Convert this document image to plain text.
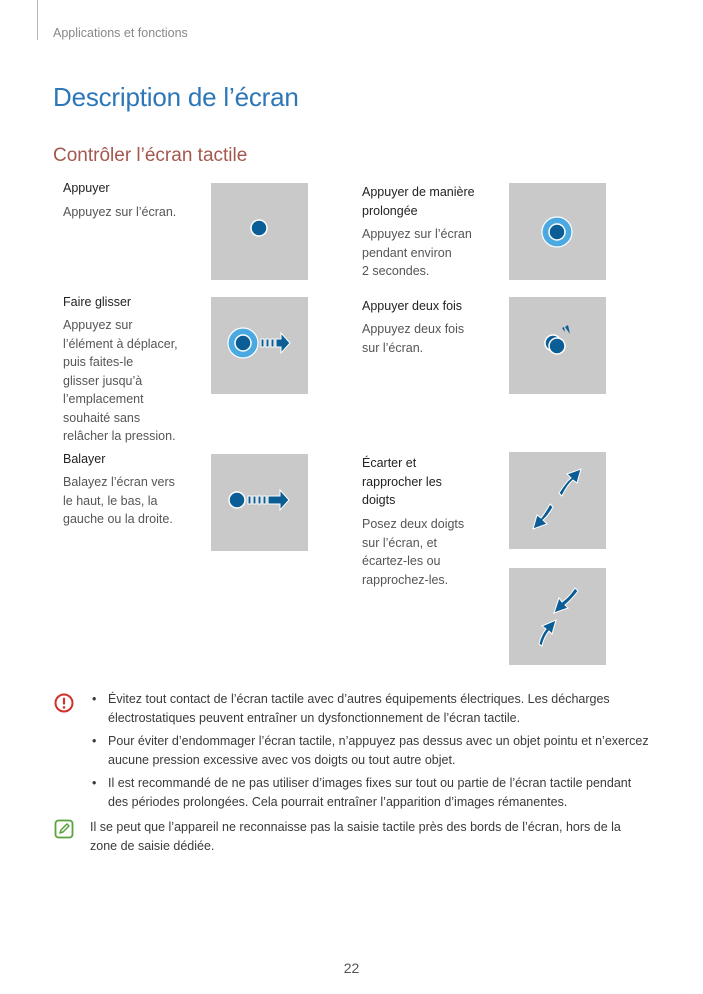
Applications et fonctions
Description de l’écran
Contrôler l’écran tactile
Appuyer
Appuyez sur l’écran.
Appuyer de manière
prolongée
Appuyez sur l’écran
pendant environ
2 secondes.
Faire glisser
Appuyez sur
l’élément à déplacer,
puis faites-le
glisser jusqu’à
l’emplacement
souhaité sans
relâcher la pression.
Appuyer deux fois
Appuyez deux fois
sur l’écran.
Balayer
Balayez l’écran vers
le haut, le bas, la
gauche ou la droite.
Écarter et
rapprocher les
doigts
Posez deux doigts
sur l’écran, et
écartez-les ou
rapprochez-les.
• Évitez tout contact de l’écran tactile avec d’autres équipements électriques. Les décharges électrostatiques peuvent entraîner un dysfonctionnement de l’écran tactile.
• Pour éviter d’endommager l’écran tactile, n’appuyez pas dessus avec un objet pointu et n’exercez aucune pression excessive avec vos doigts ou tout autre objet.
• Il est recommandé de ne pas utiliser d’images fixes sur tout ou partie de l’écran tactile pendant des périodes prolongées. Cela pourrait entraîner l’apparition d’images rémanentes.
Il se peut que l’appareil ne reconnaisse pas la saisie tactile près des bords de l’écran, hors de la zone de saisie dédiée.
22
